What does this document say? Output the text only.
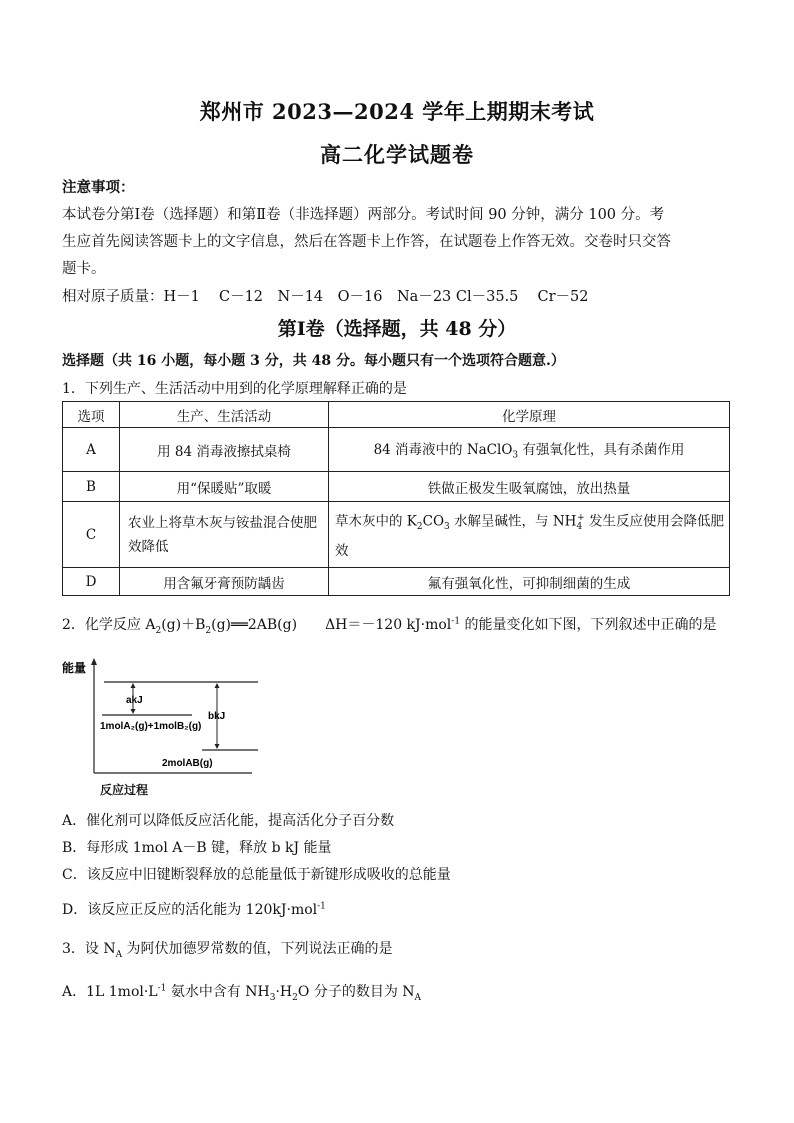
郑州市 2023—2024 学年上期期末考试
高二化学试题卷
注意事项：
本试卷分第Ⅰ卷（选择题）和第Ⅱ卷（非选择题）两部分。考试时间 90 分钟，满分 100 分。考
生应首先阅读答题卡上的文字信息，然后在答题卡上作答，在试题卷上作答无效。交卷时只交答
题卡。
相对原子质量：H－1　 C－12　N－14　O－16　Na－23 Cl－35.5　 Cr－52
第Ⅰ卷（选择题，共 48 分）
选择题（共 16 小题，每小题 3 分，共 48 分。每小题只有一个选项符合题意.）
1．下列生产、生活活动中用到的化学原理解释正确的是
选项	生产、生活活动	化学原理
A	用 84 消毒液擦拭桌椅	84 消毒液中的 NaClO$_3$ 有强氧化性，具有杀菌作用
B	用“保暖贴”取暖	铁做正极发生吸氧腐蚀，放出热量
C	农业上将草木灰与铵盐混合使肥效降低	草木灰中的 $K_2CO_3$ 水解呈碱性，与 $NH_4^+$ 发生反应使用会降低肥效
D	用含氟牙膏预防龋齿	氟有强氧化性，可抑制细菌的生成
2．化学反应 $A_2(g)+B_2(g)══2AB(g)$ ΔH＝－120 kJ·mol$^{-1}$ 的能量变化如下图，下列叙述中正确的是
能量
akJ
bkJ
1molA₂(g)+1molB₂(g)
2molAB(g)
反应过程
A．催化剂可以降低反应活化能，提高活化分子百分数
B．每形成 1mol A－B 键，释放 b kJ 能量
C．该反应中旧键断裂释放的总能量低于新键形成吸收的总能量
D．该反应正反应的活化能为 120kJ·mol$^{-1}$
3．设 $N_A$ 为阿伏加德罗常数的值，下列说法正确的是
A．1L $1mol\cdot L^{-1}$ 氨水中含有 $NH_3\cdot H_2O$ 分子的数目为 $N_A$
